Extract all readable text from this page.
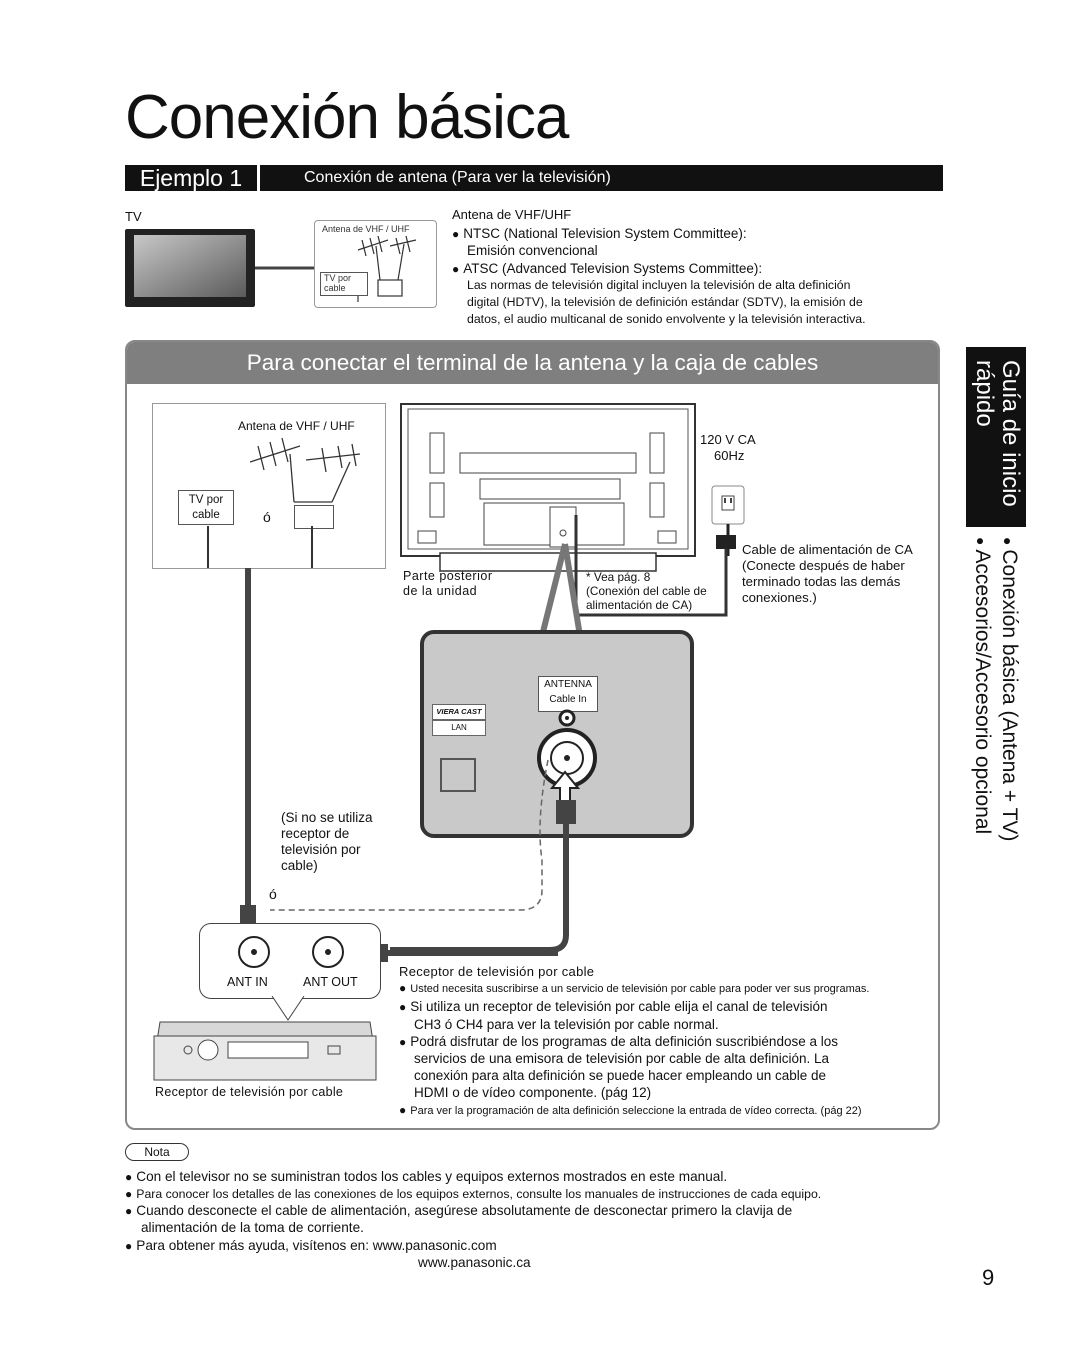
Conexión básica
Ejemplo 1	Conexión de antena (Para ver la televisión)
TV
Antena de VHF / UHF
TV por
cable
Antena de VHF/UHF
● NTSC (National Television System Committee):
Emisión convencional
● ATSC (Advanced Television Systems Committee):
Las normas de televisión digital incluyen la televisión de alta definición
digital (HDTV), la televisión de definición estándar (SDTV), la emisión de
datos, el audio multicanal de sonido envolvente y la televisión interactiva.
Para conectar el terminal de la antena y la caja de cables
Antena de VHF / UHF
TV por
cable	ó
120 V CA
60Hz
Parte posterior
de la unidad
* Vea pág. 8
(Conexión del cable de
alimentación de CA)
Cable de alimentación de CA
(Conecte después de haber
terminado todas las demás
conexiones.)
ANTENNA
Cable In
VIERA CAST
LAN
(Si no se utiliza
receptor de
televisión por
cable)
ó
ANT IN	ANT OUT
Receptor de televisión por cable
Receptor de televisión por cable
● Usted necesita suscribirse a un servicio de televisión por cable para poder ver sus programas.
● Si utiliza un receptor de televisión por cable elija el canal de televisión
CH3 ó CH4 para ver la televisión por cable normal.
● Podrá disfrutar de los programas de alta definición suscribiéndose a los
servicios de una emisora de televisión por cable de alta definición. La
conexión para alta definición se puede hacer empleando un cable de
HDMI o de vídeo componente. (pág 12)
● Para ver la programación de alta definición seleccione la entrada de vídeo correcta. (pág 22)
Guía de inicio
rápido
● Conexión básica (Antena + TV)
● Accesorios/Accesorio opcional
Nota
● Con el televisor no se suministran todos los cables y equipos externos mostrados en este manual.
● Para conocer los detalles de las conexiones de los equipos externos, consulte los manuales de instrucciones de cada equipo.
● Cuando desconecte el cable de alimentación, asegúrese absolutamente de desconectar primero la clavija de
alimentación de la toma de corriente.
● Para obtener más ayuda, visítenos en: www.panasonic.com
www.panasonic.ca
9
